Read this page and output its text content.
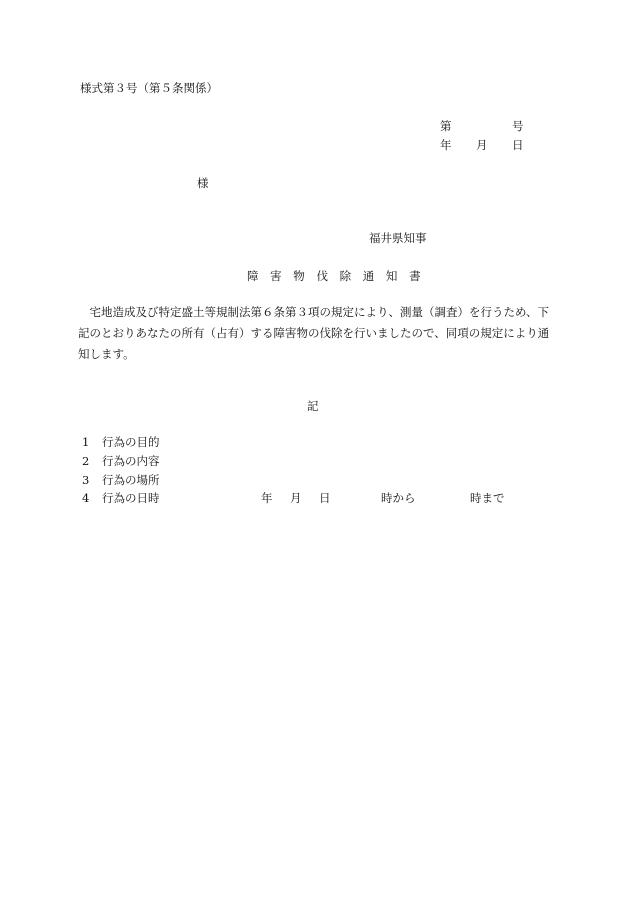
様式第３号（第５条関係）
第	号
年 月 日
様
福井県知事
障 害 物 伐 除 通 知 書
　宅地造成及び特定盛土等規制法第６条第３項の規定により、測量（調査）を行うため、下記のとおりあなたの所有（占有）する障害物の伐除を行いましたので、同項の規定により通知します。
記
1 行為の目的
2 行為の内容
3 行為の場所
4 行為の日時	年 月 日	時から	時まで
